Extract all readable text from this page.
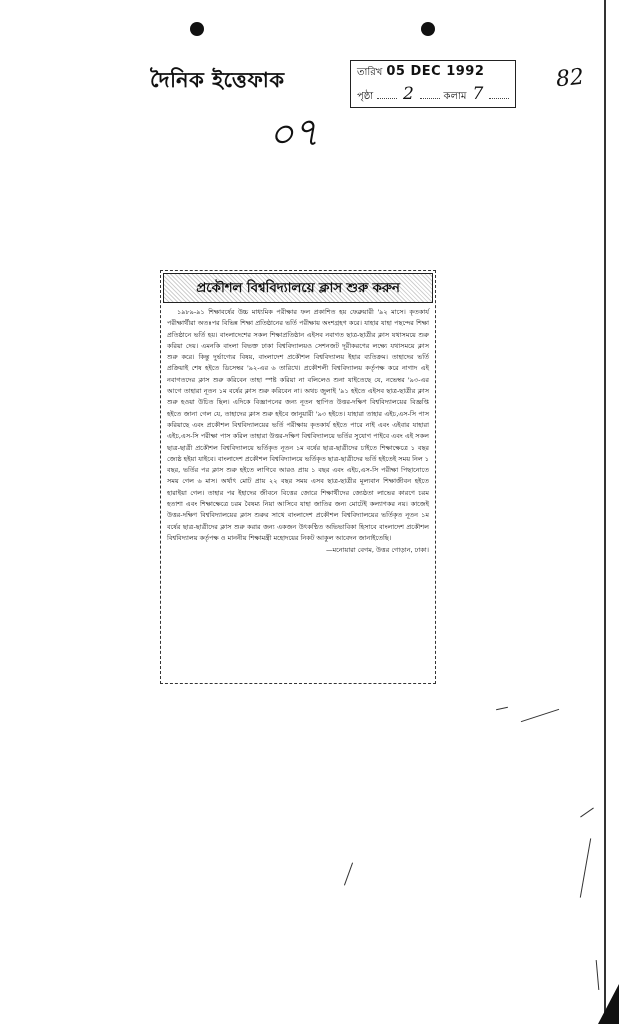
দৈনিক ইত্তেফাক	তারিখ 05 DEC 1992
পৃষ্ঠা 2	কলাম 7
82
০৭
প্রকৌশল বিশ্ববিদ্যালয়ে ক্লাস শুরু করুন

১৯৮৯-৯১ শিক্ষাবর্ষের উচ্চ মাধ্যমিক পরীক্ষার ফল প্রকাশিত হয় ফেব্রুয়ারী '৯২ মাসে। কৃতকার্য পরীক্ষার্থীরা অতঃপর বিভিন্ন শিক্ষা প্রতিষ্ঠানের ভর্তি পরীক্ষায় অংশগ্রহণ করে। যাহার যাহা পছন্দের শিক্ষা প্রতিষ্ঠানে ভর্তি হয়। বাংলাদেশের সকল শিক্ষাপ্রতিষ্ঠান এইসব নবাগত ছাত্র-ছাত্রীর ক্লাস যথাসময়ে শুরু করিয়া দেয়। এমনকি বাংলা বিভক্ত ঢাকা বিশ্ববিদ্যালয়ও সেশনজট দূরীকরণের লক্ষ্যে যথাসময়ে ক্লাস শুরু করে। কিন্তু দুর্ভাগ্যের বিষয়, বাংলাদেশ প্রকৌশল বিশ্ববিদ্যালয় ইহার ব্যতিক্রম। তাহাদের ভর্তি প্রক্রিয়াই শেষ হইতে ডিসেম্বর '৯২-এর ৬ তারিখে। প্রকৌশলী বিশ্ববিদ্যালয় কর্তৃপক্ষ করে নাগাদ এই নবাগতদের ক্লাস শুরু করিবেন তাহা স্পষ্ট করিয়া না বলিলেও শুনা যাইতেছে যে, নভেম্বর '৯৩-এর আগে তাহারা নূতন ১ম বর্ষের ক্লাস শুরু করিবেন না। অথচ জুলাই '৯১ হইতে এইসব ছাত্র-ছাত্রীর ক্লাস শুরু হওয়া উচিত ছিল। এদিকে বিজ্ঞাপনের জন্য নূতন স্থাপিত উত্তর-দক্ষিণ বিশ্ববিদ্যালয়ের বিজ্ঞপ্তি হইতে জানা গেল যে, তাহাদের ক্লাস শুরু হইবে জানুয়ারী '৯৩ হইতে। যাহারা তাহার এইচ,এস-সি পাস করিয়াছে এবং প্রকৌশল বিশ্ববিদ্যালয়ের ভর্তি পরীক্ষায় কৃতকার্য হইতে পারে নাই এবং এইবার যাহারা এইচ,এস-সি পরীক্ষা পাস করিল তাহারা উত্তর-দক্ষিণ বিশ্ববিদ্যালয়ে ভর্তির সুযোগ পাইবে এবং এই সকল ছাত্র-ছাত্রী প্রকৌশল বিশ্ববিদ্যালয়ে ভর্তিকৃত নূতন ১ম বর্ষের ছাত্র-ছাত্রীদের চাইতে শিক্ষাক্ষেত্রে ১ বছর জ্যেষ্ঠ হইয়া যাইবে। বাংলাদেশ প্রকৌশল বিশ্ববিদ্যালয়ে ভর্তিকৃত ছাত্র-ছাত্রীদের ভর্তি হইতেই সময় নিল ১ বছর, ভর্তির পর ক্লাস শুরু হইতে লাগিবে আরও প্রায় ১ বছর এবং এইচ,এস-সি পরীক্ষা পিছানোতে সময় গেল ৬ মাস। অর্থাৎ মোট প্রায় ২২ বছর সময় এসব ছাত্র-ছাত্রীর মূল্যবান শিক্ষাজীবন হইতে হারাইয়া গেল। তাহার পর ইহাদের জীবনে বিত্তের জোরে শিক্ষার্থীদের জ্যেষ্ঠতা লাভের কারণে চরম হতাশা এবং শিক্ষাক্ষেত্রে চরম বৈষম্য নিয়া আসিবে যাহা জাতির জন্য মোটেই কল্যাণকর নয়। কাজেই উত্তর-দক্ষিণ বিশ্ববিদ্যালয়ের ক্লাস শুরুর সাথে বাংলাদেশ প্রকৌশল বিশ্ববিদ্যালয়ের ভর্তিকৃত নূতন ১ম বর্ষের ছাত্র-ছাত্রীদের ক্লাস শুরু করার জন্য একজন উৎকণ্ঠিত অভিভাবিকা হিসাবে বাংলাদেশ প্রকৌশল বিশ্ববিদ্যালয় কর্তৃপক্ষ ও মাননীয় শিক্ষামন্ত্রী মহোদয়ের নিকট আকুল আবেদন জানাইতেছি।

—মনোয়ারা বেগম, উত্তর গোড়ান, ঢাকা।
